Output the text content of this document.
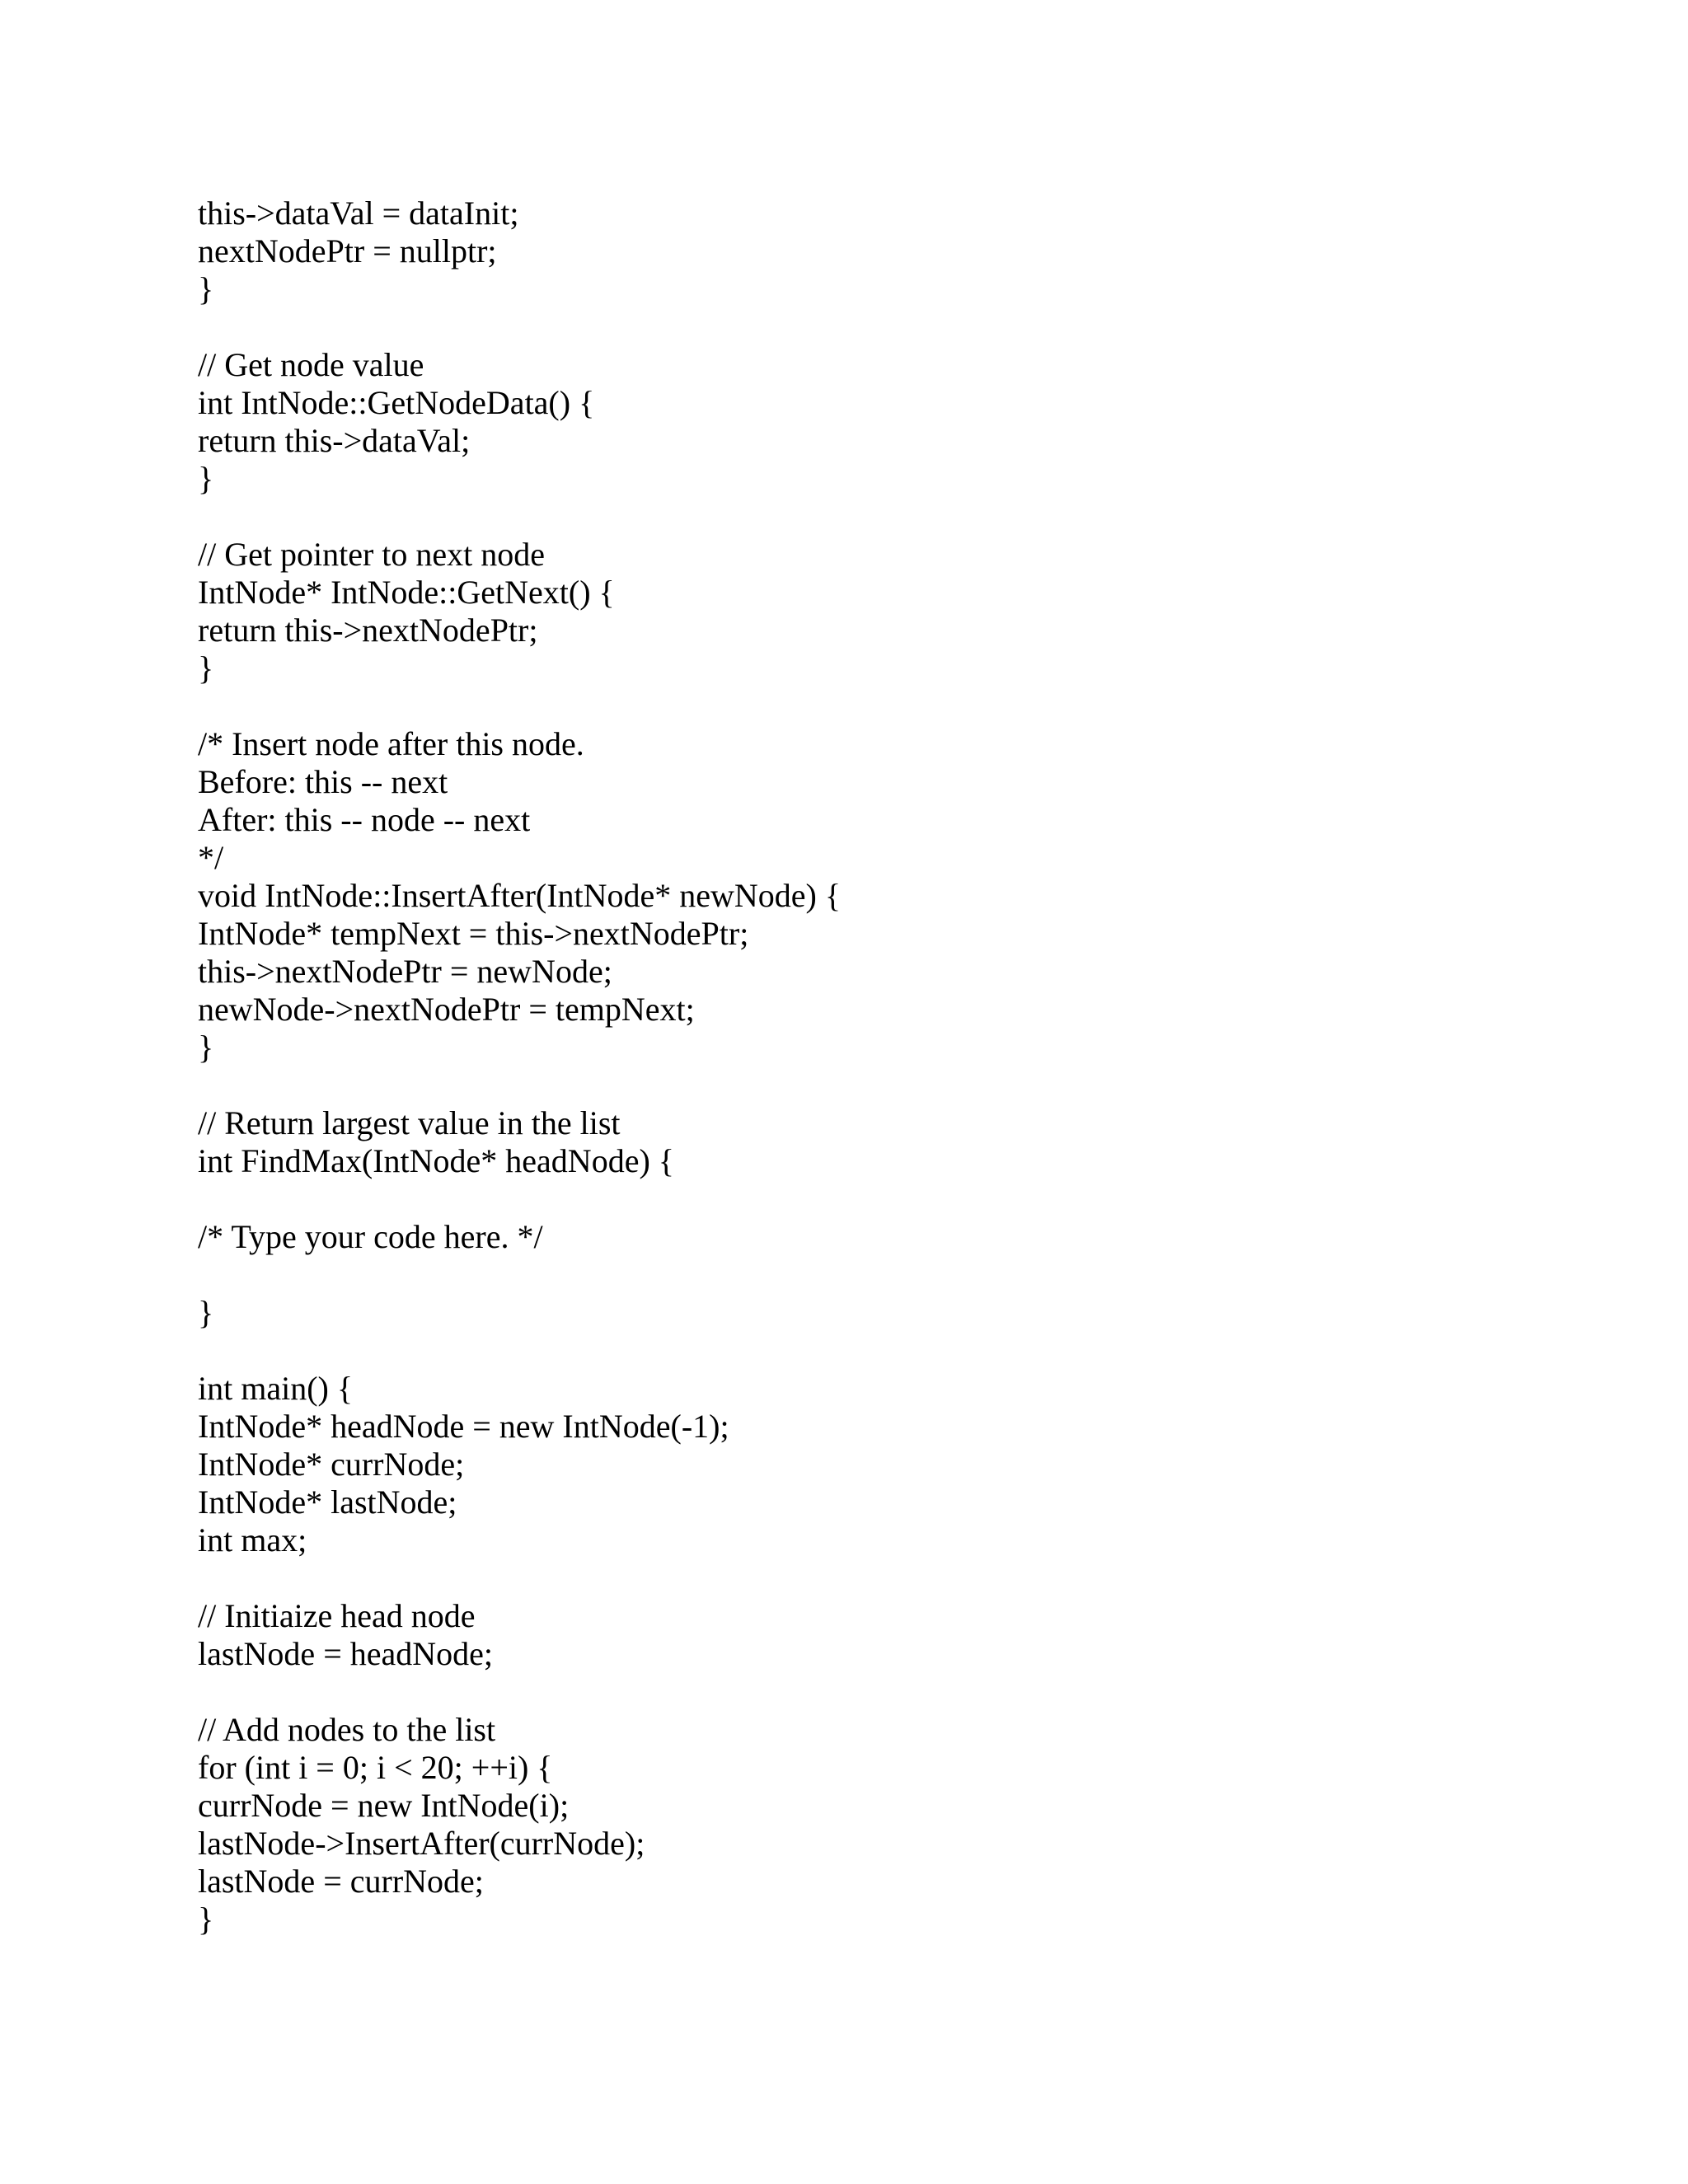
this->dataVal = dataInit;
nextNodePtr = nullptr;
}
// Get node value
int IntNode::GetNodeData() {
return this->dataVal;
}
// Get pointer to next node
IntNode* IntNode::GetNext() {
return this->nextNodePtr;
}
/* Insert node after this node.
Before: this -- next
After: this -- node -- next
*/
void IntNode::InsertAfter(IntNode* newNode) {
IntNode* tempNext = this->nextNodePtr;
this->nextNodePtr = newNode;
newNode->nextNodePtr = tempNext;
}
// Return largest value in the list
int FindMax(IntNode* headNode) {
/* Type your code here. */
}
int main() {
IntNode* headNode = new IntNode(-1);
IntNode* currNode;
IntNode* lastNode;
int max;
// Initiaize head node
lastNode = headNode;
// Add nodes to the list
for (int i = 0; i < 20; ++i) {
currNode = new IntNode(i);
lastNode->InsertAfter(currNode);
lastNode = currNode;
}
